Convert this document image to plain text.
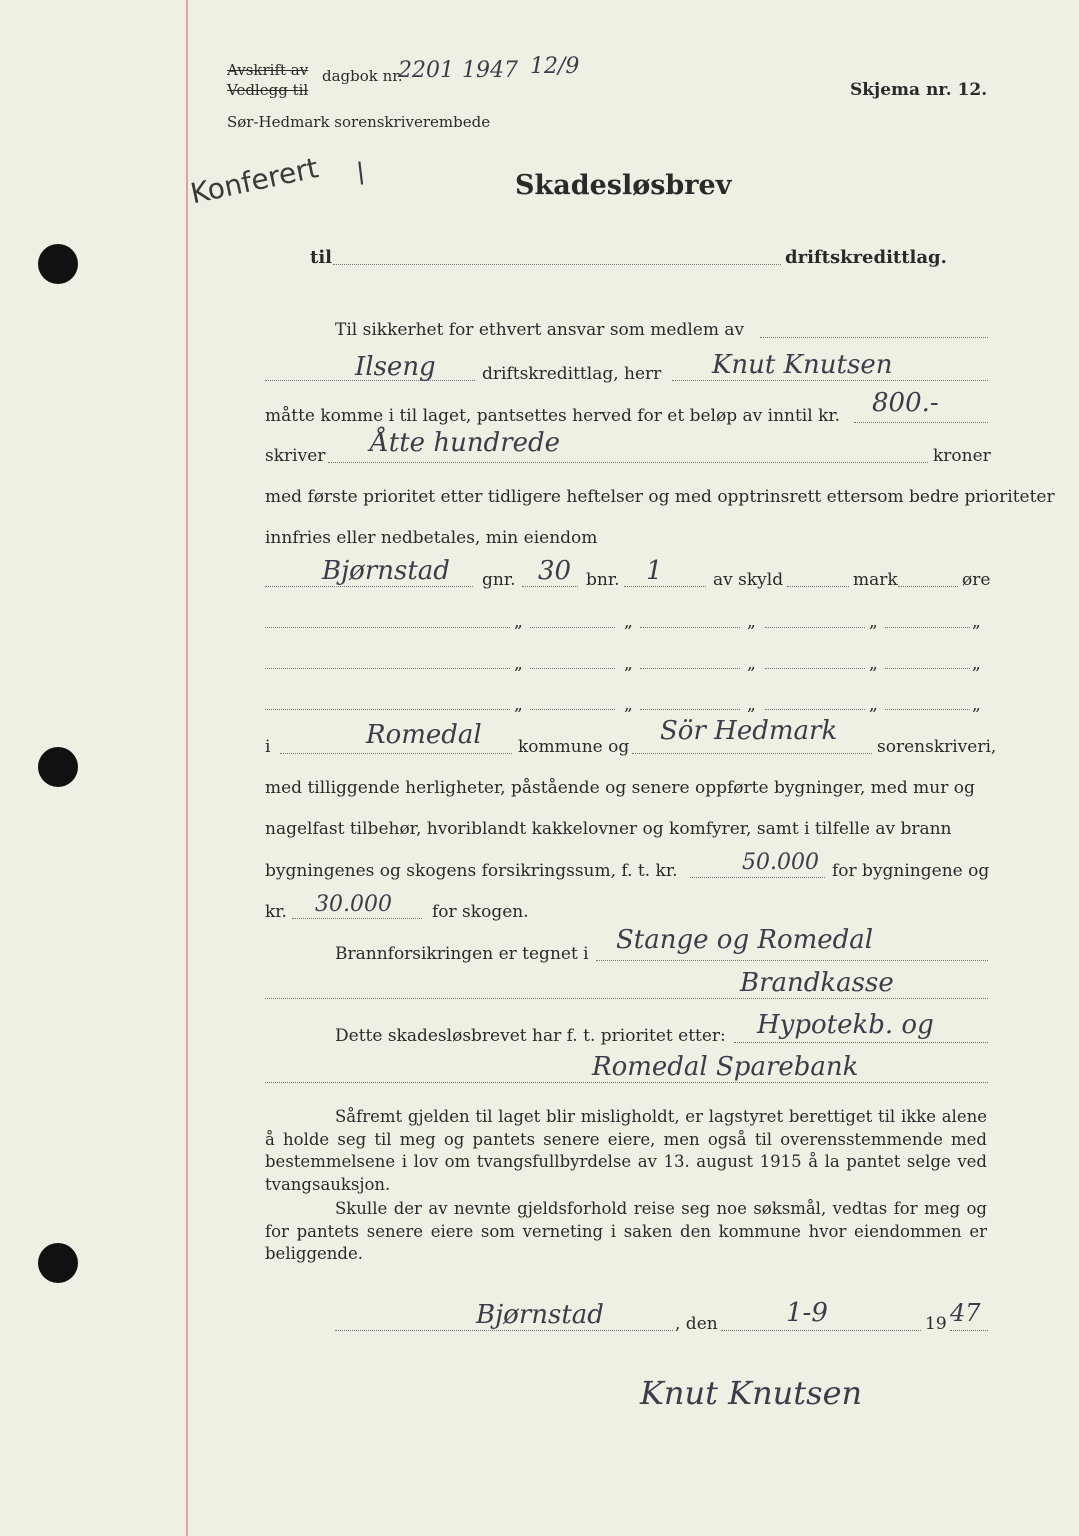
Avskrift av
Vedlegg til
dagbok nr.
2201 1947 12/9
Sør-Hedmark sorenskriverembede
Skjema nr. 12.
Konferert \	Skadesløsbrev
til	driftskredittlag.
Til sikkerhet for ethvert ansvar som medlem av
Ilseng	driftskredittlag, herr Knut Knutsen
måtte komme i til laget, pantsettes herved for et beløp av inntil kr. 800.-
skriver Åtte hundrede	kroner
med første prioritet etter tidligere heftelser og med opptrinsrett ettersom bedre prioriteter
innfries eller nedbetales, min eiendom
Bjørnstad gnr. 30 bnr. 1	av skyld	mark	øre
„	„	„	„	„
„	„	„	„	„
„	„	„	„	„
i	Romedal kommune og
Sör Hedmark
sorenskriveri,
med tilliggende herligheter, påstående og senere oppførte bygninger, med mur og
nagelfast tilbehør, hvoriblandt kakkelovner og komfyrer, samt i tilfelle av brann
bygningenes og skogens forsikringssum, f. t. kr.	50.000 for bygningene og
kr. 30.000 for skogen.
Brannforsikringen er tegnet i Stange og Romedal
Brandkasse
Dette skadesløsbrevet har f. t. prioritet etter: Hypotekb. og
Romedal Sparebank
Såfremt gjelden til laget blir misligholdt, er lagstyret berettiget til ikke alene å holde seg til meg og pantets senere eiere, men også til overensstemmende med bestemmelsene i lov om tvangsfullbyrdelse av 13. august 1915 å la pantet selge ved tvangsauksjon.
Skulle der av nevnte gjeldsforhold reise seg noe søksmål, vedtas for meg og for pantets senere eiere som verneting i saken den kommune hvor eiendommen er beliggende.
Bjørnstad	, den	1-9	19 47
Knut Knutsen
